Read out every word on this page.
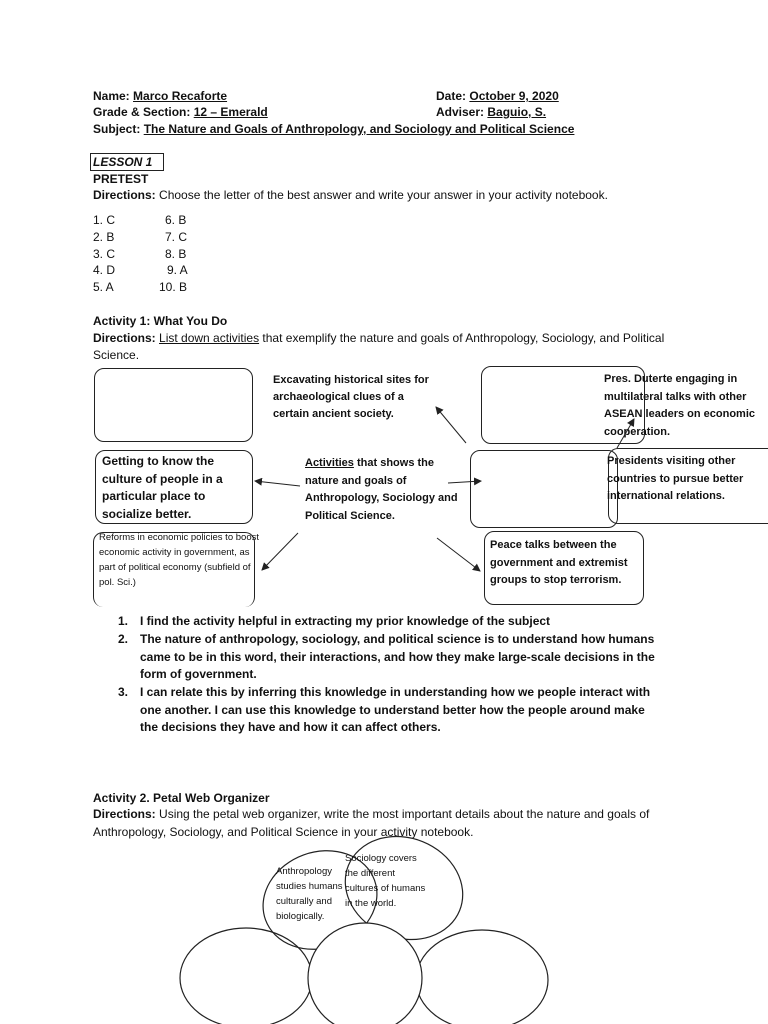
Name: Marco Recaforte	Date: October 9, 2020
Grade & Section: 12 – Emerald	Adviser: Baguio, S.
Subject: The Nature and Goals of Anthropology, and Sociology and Political Science
LESSON 1
PRETEST
Directions: Choose the letter of the best answer and write your answer in your activity notebook.
1. C
2. B
3. C
4. D
5. A
6. B
7. C
8. B
9. A
10. B
Activity 1: What You Do
Directions: List down activities that exemplify the nature and goals of Anthropology, Sociology, and Political Science.
Excavating historical sites for archaeological clues of a certain ancient society.
Pres. Duterte engaging in multilateral talks with other ASEAN leaders on economic cooperation.
Getting to know the culture of people in a particular place to socialize better.
Activities that shows the nature and goals of Anthropology, Sociology and Political Science.
Presidents visiting other countries to pursue better international relations.
Reforms in economic policies to boost economic activity in government, as part of political economy (subfield of pol. Sci.)
Peace talks between the government and extremist groups to stop terrorism.
1. I find the activity helpful in extracting my prior knowledge of the subject
2. The nature of anthropology, sociology, and political science is to understand how humans came to be in this word, their interactions, and how they make large-scale decisions in the form of government.
3. I can relate this by inferring this knowledge in understanding how we people interact with one another. I can use this knowledge to understand better how the people around make the decisions they have and how it can affect others.
Activity 2. Petal Web Organizer
Directions: Using the petal web organizer, write the most important details about the nature and goals of Anthropology, Sociology, and Political Science in your activity notebook.
Anthropology studies humans culturally and biologically.
Sociology covers the different cultures of humans in the world.
